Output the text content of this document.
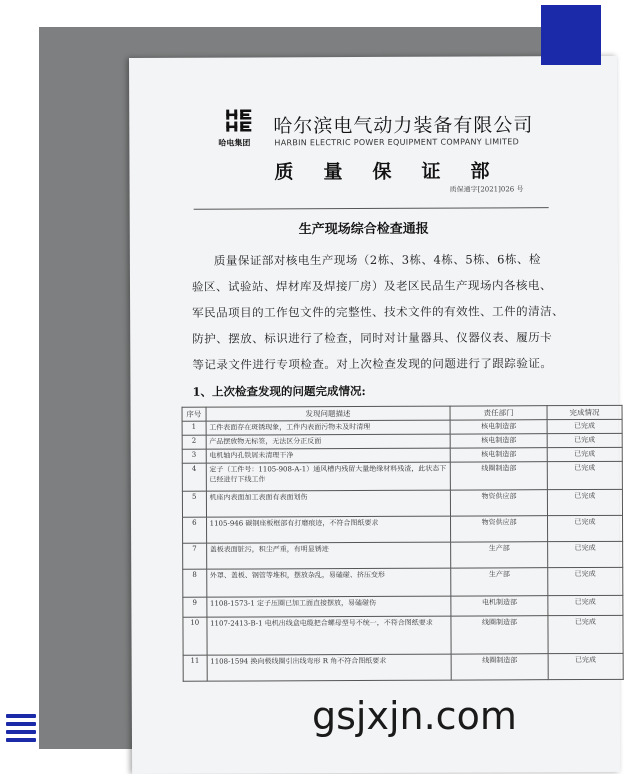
哈电集团
哈尔滨电气动力装备有限公司
HARBIN ELECTRIC POWER EQUIPMENT COMPANY LIMITED
质量保证部
质保通字[2021]026 号
生产现场综合检查通报
质量保证部对核电生产现场（2栋、3栋、4栋、5栋、6栋、检
验区、试验站、焊材库及焊接厂房）及老区民品生产现场内各核电、
军民品项目的工作包文件的完整性、技术文件的有效性、工件的清洁、
防护、摆放、标识进行了检查，同时对计量器具、仪器仪表、履历卡
等记录文件进行专项检查。对上次检查发现的问题进行了跟踪验证。
1、上次检查发现的问题完成情况:
序号	发现问题描述	责任部门	完成情况
1	工件表面存在斑锈现象，工件内表面污物未及时清理	核电制造部	已完成
2	产品摆放物无标签，无法区分正反面	核电制造部	已完成
3	电机轴内孔铁屑未清理干净	核电制造部	已完成
4	定子（工件号：1105-908-A-1）通风槽内残留大量绝缘材料残渣，此状态下已经进行下线工作	线圈制造部	已完成
5	机座内表面加工表面有表面划伤	物资供应部	已完成
6	1105-946 碳钢座板框部有打磨痕迹，不符合图纸要求	物资供应部	已完成
7	盖板表面脏污，积尘严重，有明显锈迹	生产部	已完成
8	外罩、盖板、钢管等堆积，摆放杂乱，易磕碰、挤压变形	生产部	已完成
9	1108-1573-1 定子压圈已加工面直接摆放，易磕碰伤	电机制造部	已完成
10	1107-2413-B-1 电机出线盒电缆把合螺母型号不统一，不符合图纸要求	线圈制造部	已完成
11	1108-1594 换向极线圈引出线弯形 R 角不符合图纸要求	线圈制造部	已完成
gsjxjn.com
